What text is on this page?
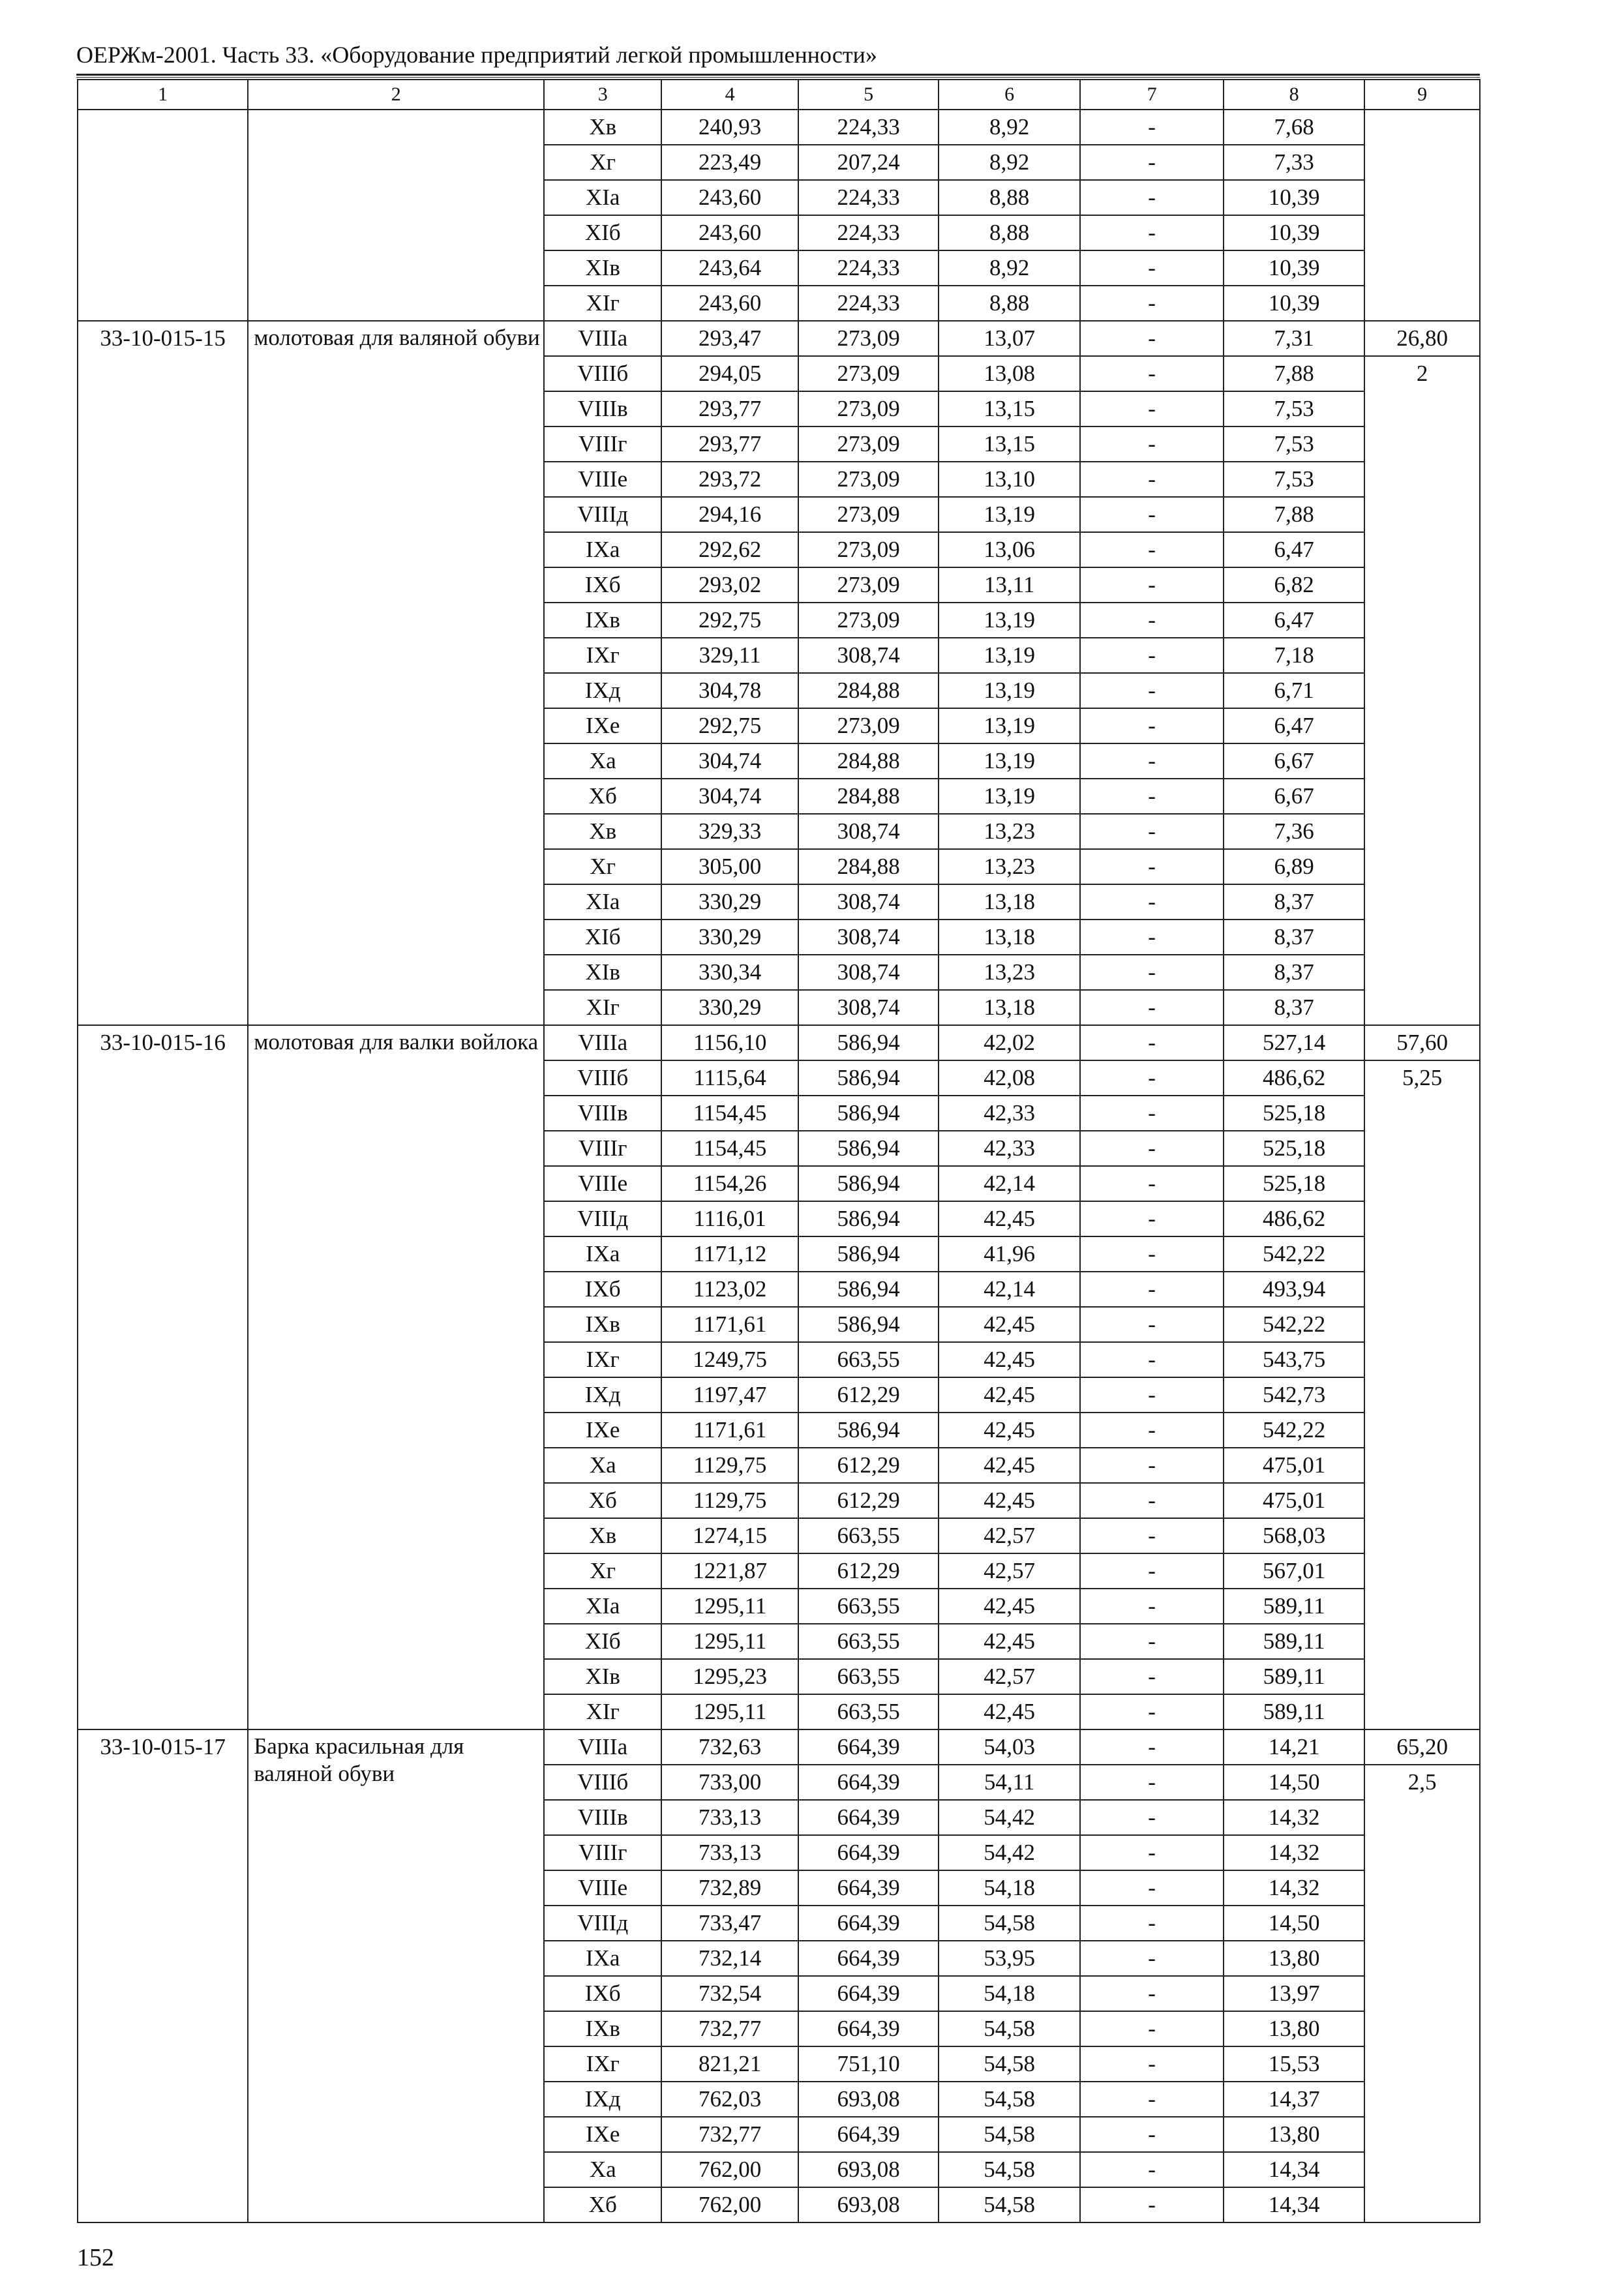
ОЕРЖм-2001. Часть 33. «Оборудование предприятий легкой промышленности»
1	2	3	4	5	6	7	8	9
		Хв	240,93	224,33	8,92	-	7,68	
		Хг	223,49	207,24	8,92	-	7,33	
		ХIа	243,60	224,33	8,88	-	10,39	
		ХIб	243,60	224,33	8,88	-	10,39	
		ХIв	243,64	224,33	8,92	-	10,39	
		ХIг	243,60	224,33	8,88	-	10,39	
33-10-015-15	молотовая для валяной обуви	VIIIа	293,47	273,09	13,07	-	7,31	26,80
		VIIIб	294,05	273,09	13,08	-	7,88	2
		VIIIв	293,77	273,09	13,15	-	7,53	
		VIIIг	293,77	273,09	13,15	-	7,53	
		VIIIе	293,72	273,09	13,10	-	7,53	
		VIIIд	294,16	273,09	13,19	-	7,88	
		IХа	292,62	273,09	13,06	-	6,47	
		IХб	293,02	273,09	13,11	-	6,82	
		IХв	292,75	273,09	13,19	-	6,47	
		IХг	329,11	308,74	13,19	-	7,18	
		IХд	304,78	284,88	13,19	-	6,71	
		IХе	292,75	273,09	13,19	-	6,47	
		Ха	304,74	284,88	13,19	-	6,67	
		Хб	304,74	284,88	13,19	-	6,67	
		Хв	329,33	308,74	13,23	-	7,36	
		Хг	305,00	284,88	13,23	-	6,89	
		ХIа	330,29	308,74	13,18	-	8,37	
		ХIб	330,29	308,74	13,18	-	8,37	
		ХIв	330,34	308,74	13,23	-	8,37	
		ХIг	330,29	308,74	13,18	-	8,37	
33-10-015-16	молотовая для валки войлока	VIIIа	1156,10	586,94	42,02	-	527,14	57,60
		VIIIб	1115,64	586,94	42,08	-	486,62	5,25
		VIIIв	1154,45	586,94	42,33	-	525,18	
		VIIIг	1154,45	586,94	42,33	-	525,18	
		VIIIе	1154,26	586,94	42,14	-	525,18	
		VIIIд	1116,01	586,94	42,45	-	486,62	
		IХа	1171,12	586,94	41,96	-	542,22	
		IХб	1123,02	586,94	42,14	-	493,94	
		IХв	1171,61	586,94	42,45	-	542,22	
		IХг	1249,75	663,55	42,45	-	543,75	
		IХд	1197,47	612,29	42,45	-	542,73	
		IХе	1171,61	586,94	42,45	-	542,22	
		Ха	1129,75	612,29	42,45	-	475,01	
		Хб	1129,75	612,29	42,45	-	475,01	
		Хв	1274,15	663,55	42,57	-	568,03	
		Хг	1221,87	612,29	42,57	-	567,01	
		ХIа	1295,11	663,55	42,45	-	589,11	
		ХIб	1295,11	663,55	42,45	-	589,11	
		ХIв	1295,23	663,55	42,57	-	589,11	
		ХIг	1295,11	663,55	42,45	-	589,11	
33-10-015-17	Барка красильная для валяной обуви	VIIIа	732,63	664,39	54,03	-	14,21	65,20
		VIIIб	733,00	664,39	54,11	-	14,50	2,5
		VIIIв	733,13	664,39	54,42	-	14,32	
		VIIIг	733,13	664,39	54,42	-	14,32	
		VIIIе	732,89	664,39	54,18	-	14,32	
		VIIIд	733,47	664,39	54,58	-	14,50	
		IХа	732,14	664,39	53,95	-	13,80	
		IХб	732,54	664,39	54,18	-	13,97	
		IХв	732,77	664,39	54,58	-	13,80	
		IХг	821,21	751,10	54,58	-	15,53	
		IХд	762,03	693,08	54,58	-	14,37	
		IХе	732,77	664,39	54,58	-	13,80	
		Ха	762,00	693,08	54,58	-	14,34	
		Хб	762,00	693,08	54,58	-	14,34	
152
